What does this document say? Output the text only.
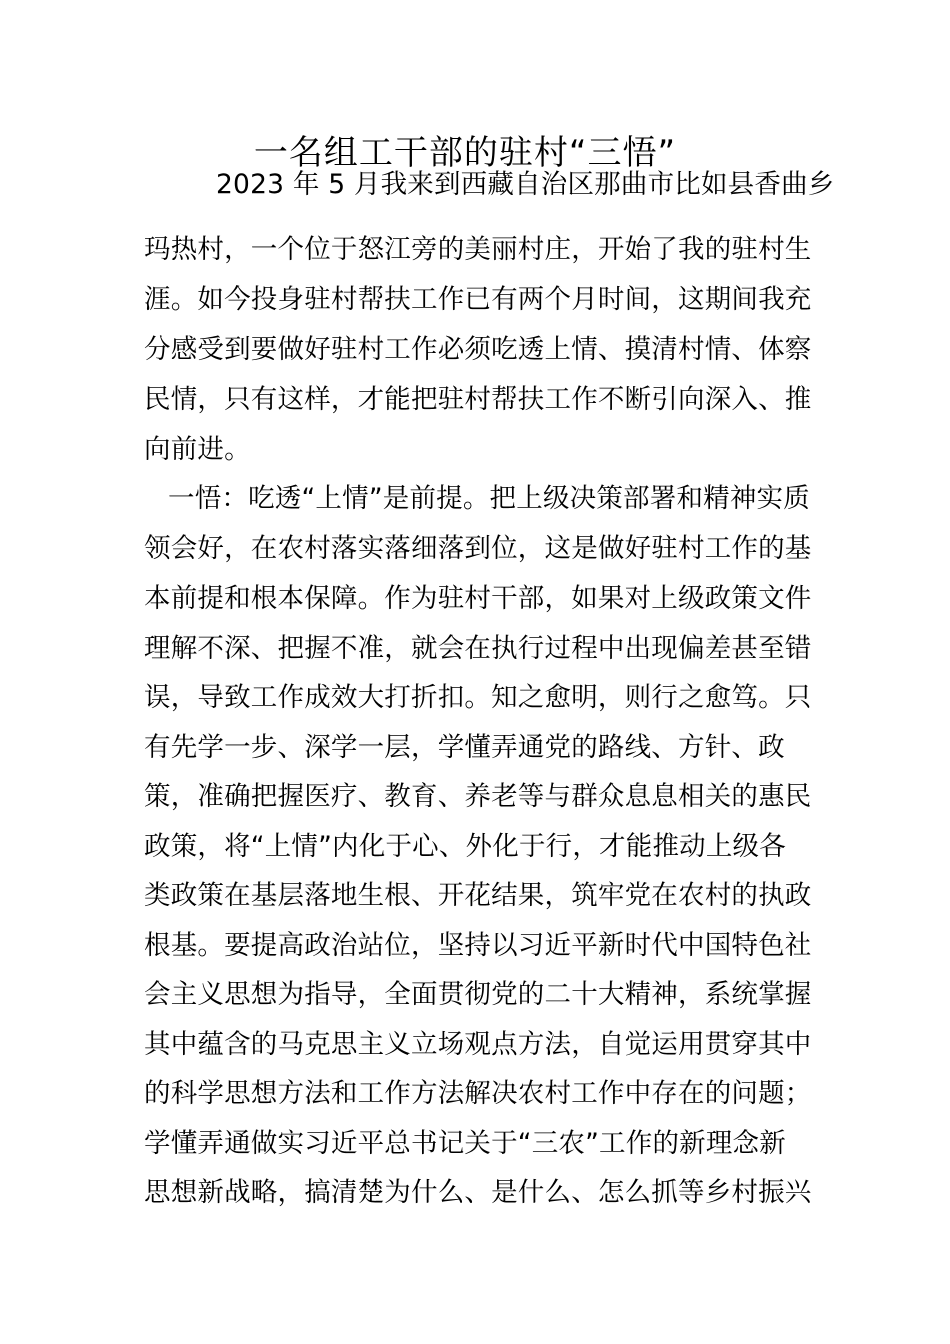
一名组工干部的驻村“三悟”
2023 年 5 月我来到西藏自治区那曲市比如县香曲乡
玛热村，一个位于怒江旁的美丽村庄，开始了我的驻村生
涯。如今投身驻村帮扶工作已有两个月时间，这期间我充
分感受到要做好驻村工作必须吃透上情、摸清村情、体察
民情，只有这样，才能把驻村帮扶工作不断引向深入、推
向前进。
一悟：吃透“上情”是前提。把上级决策部署和精神实质
领会好，在农村落实落细落到位，这是做好驻村工作的基
本前提和根本保障。作为驻村干部，如果对上级政策文件
理解不深、把握不准，就会在执行过程中出现偏差甚至错
误，导致工作成效大打折扣。知之愈明，则行之愈笃。只
有先学一步、深学一层，学懂弄通党的路线、方针、政
策，准确把握医疗、教育、养老等与群众息息相关的惠民
政策，将“上情”内化于心、外化于行，才能推动上级各
类政策在基层落地生根、开花结果，筑牢党在农村的执政
根基。要提高政治站位，坚持以习近平新时代中国特色社
会主义思想为指导，全面贯彻党的二十大精神，系统掌握
其中蕴含的马克思主义立场观点方法，自觉运用贯穿其中
的科学思想方法和工作方法解决农村工作中存在的问题；
学懂弄通做实习近平总书记关于“三农”工作的新理念新
思想新战略，搞清楚为什么、是什么、怎么抓等乡村振兴
